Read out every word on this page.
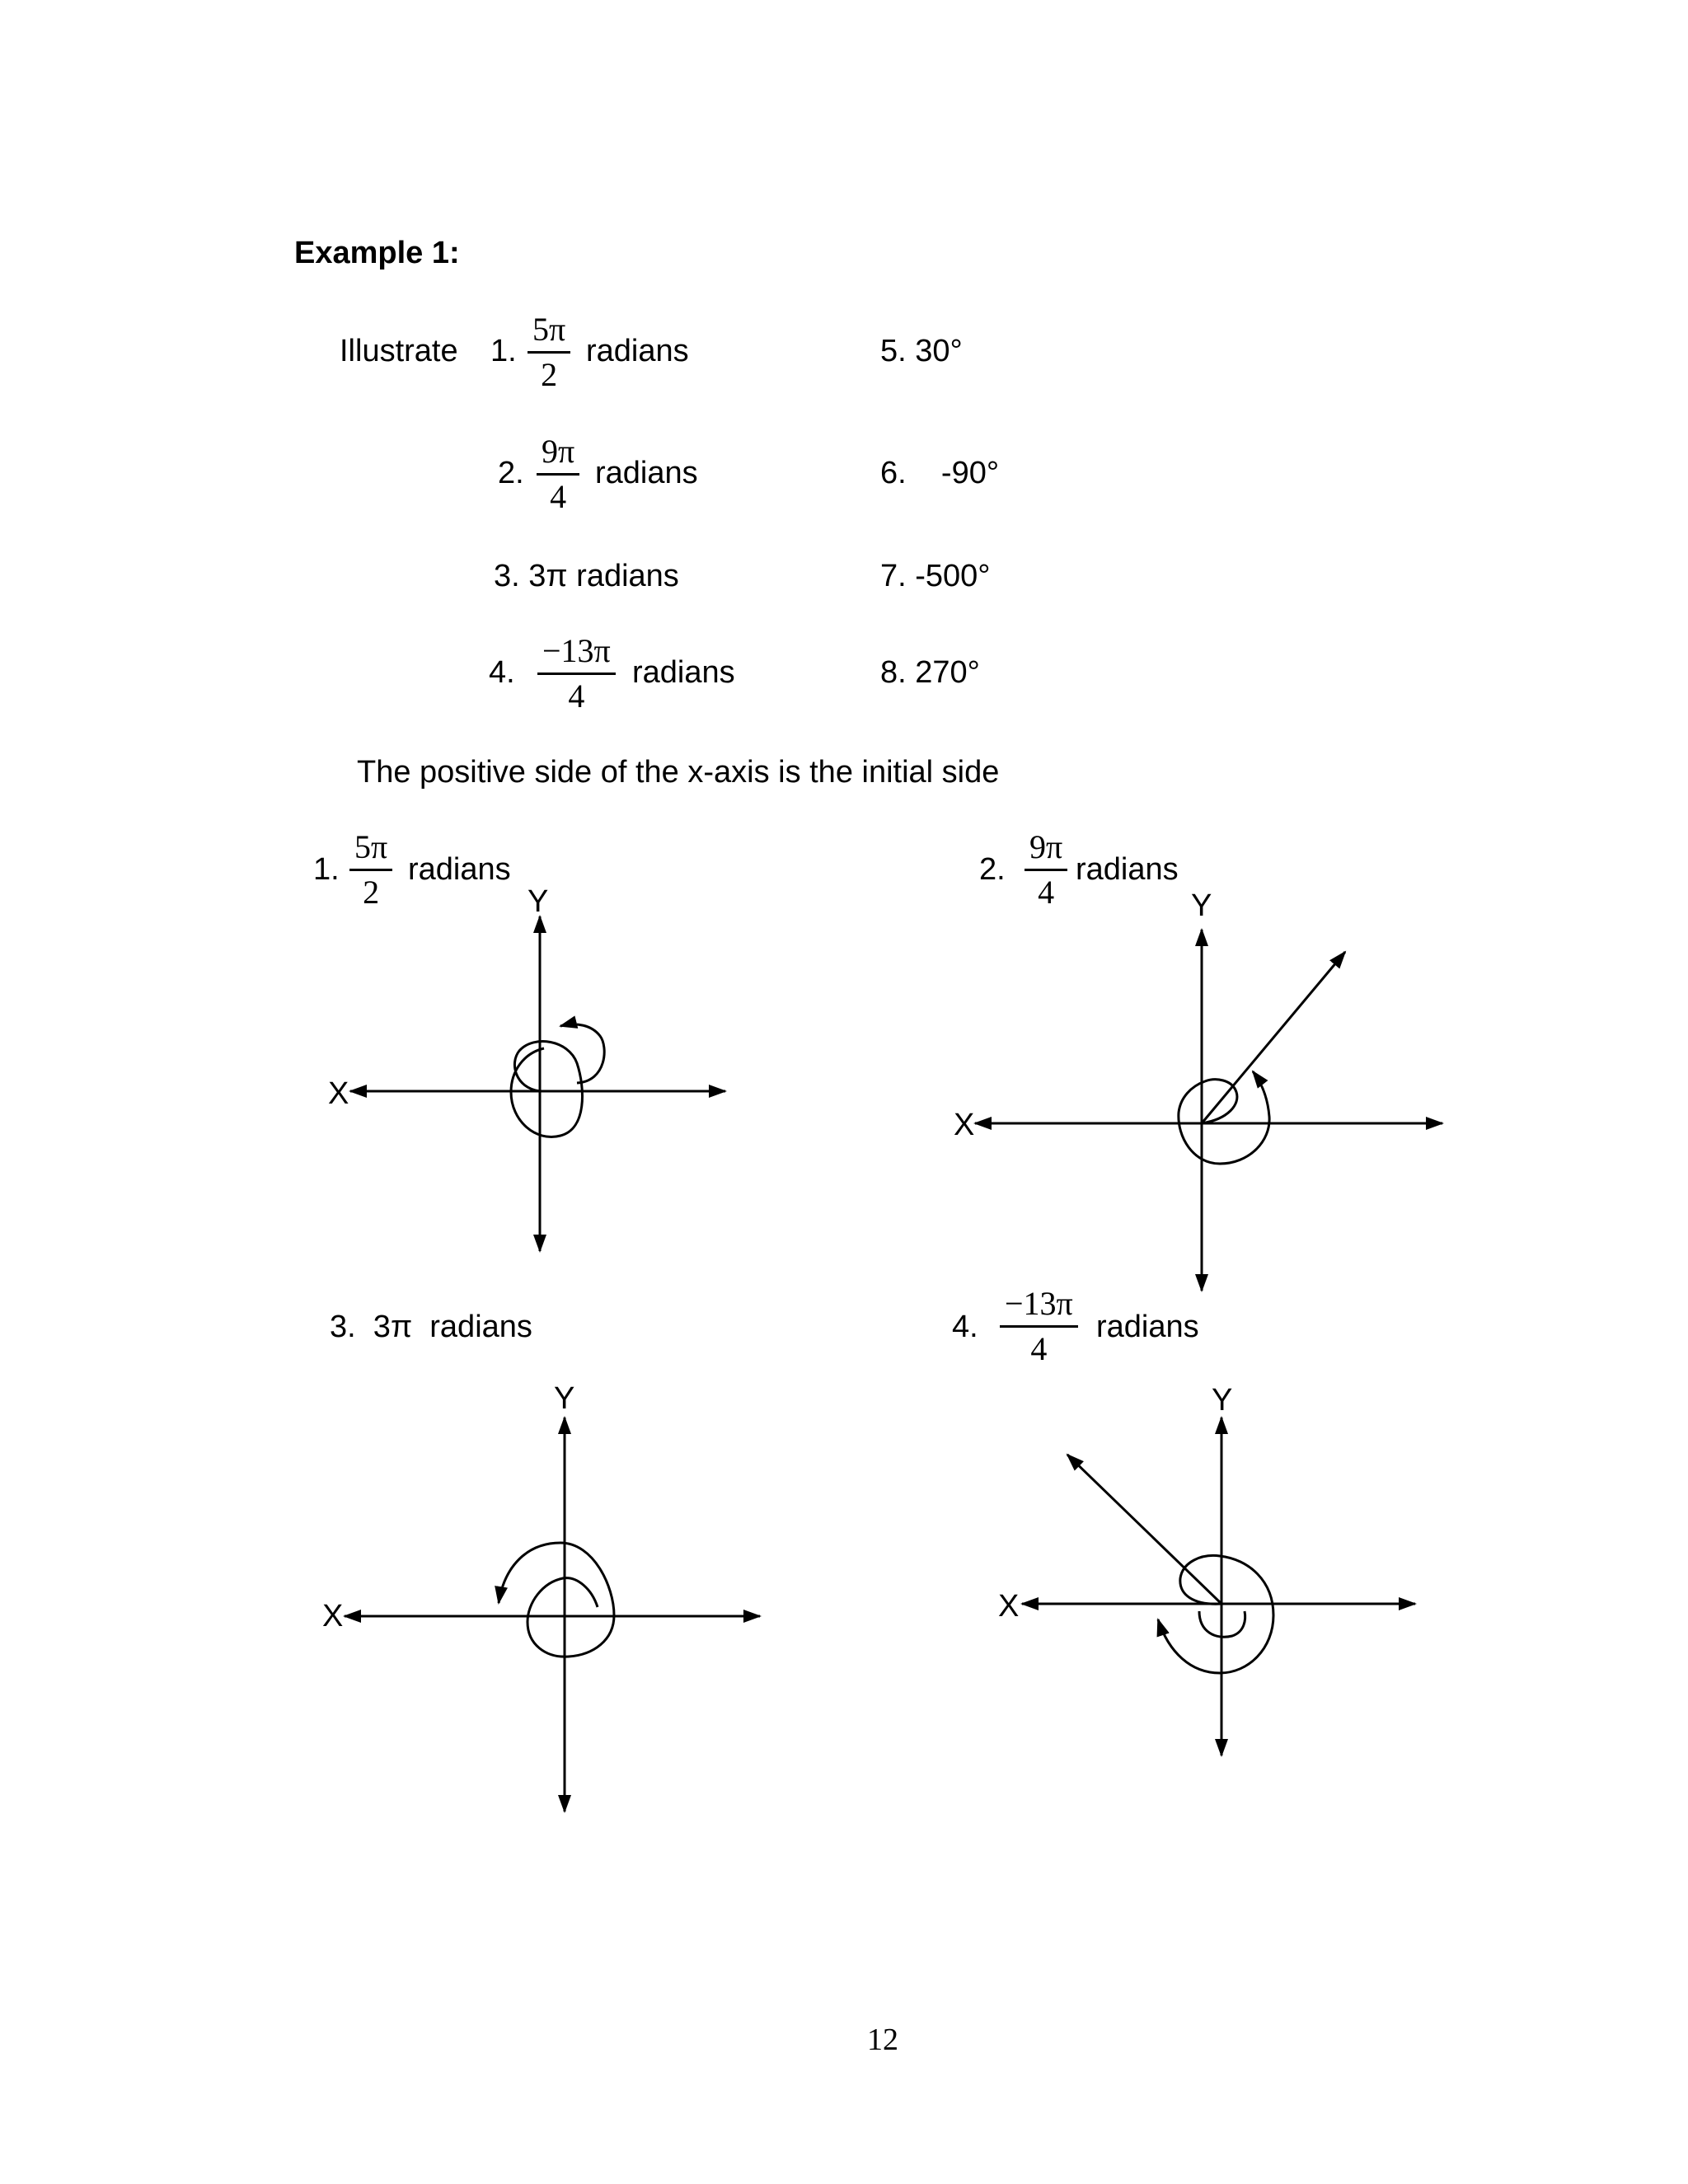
Example 1:
Illustrate 1.
5π
2
radians
2.
9π
4
radians
3. 3π radians
4.
−13π
4
radians
5. 30°
6.    -90°
7. -500°
8. 270°
The positive side of the x-axis is the initial side
1.
5π
2
radians
Y
X
2.
9π
4
radians
Y
X
3.  3π  radians
Y
X
4.
−13π
4
radians
Y
X
12
